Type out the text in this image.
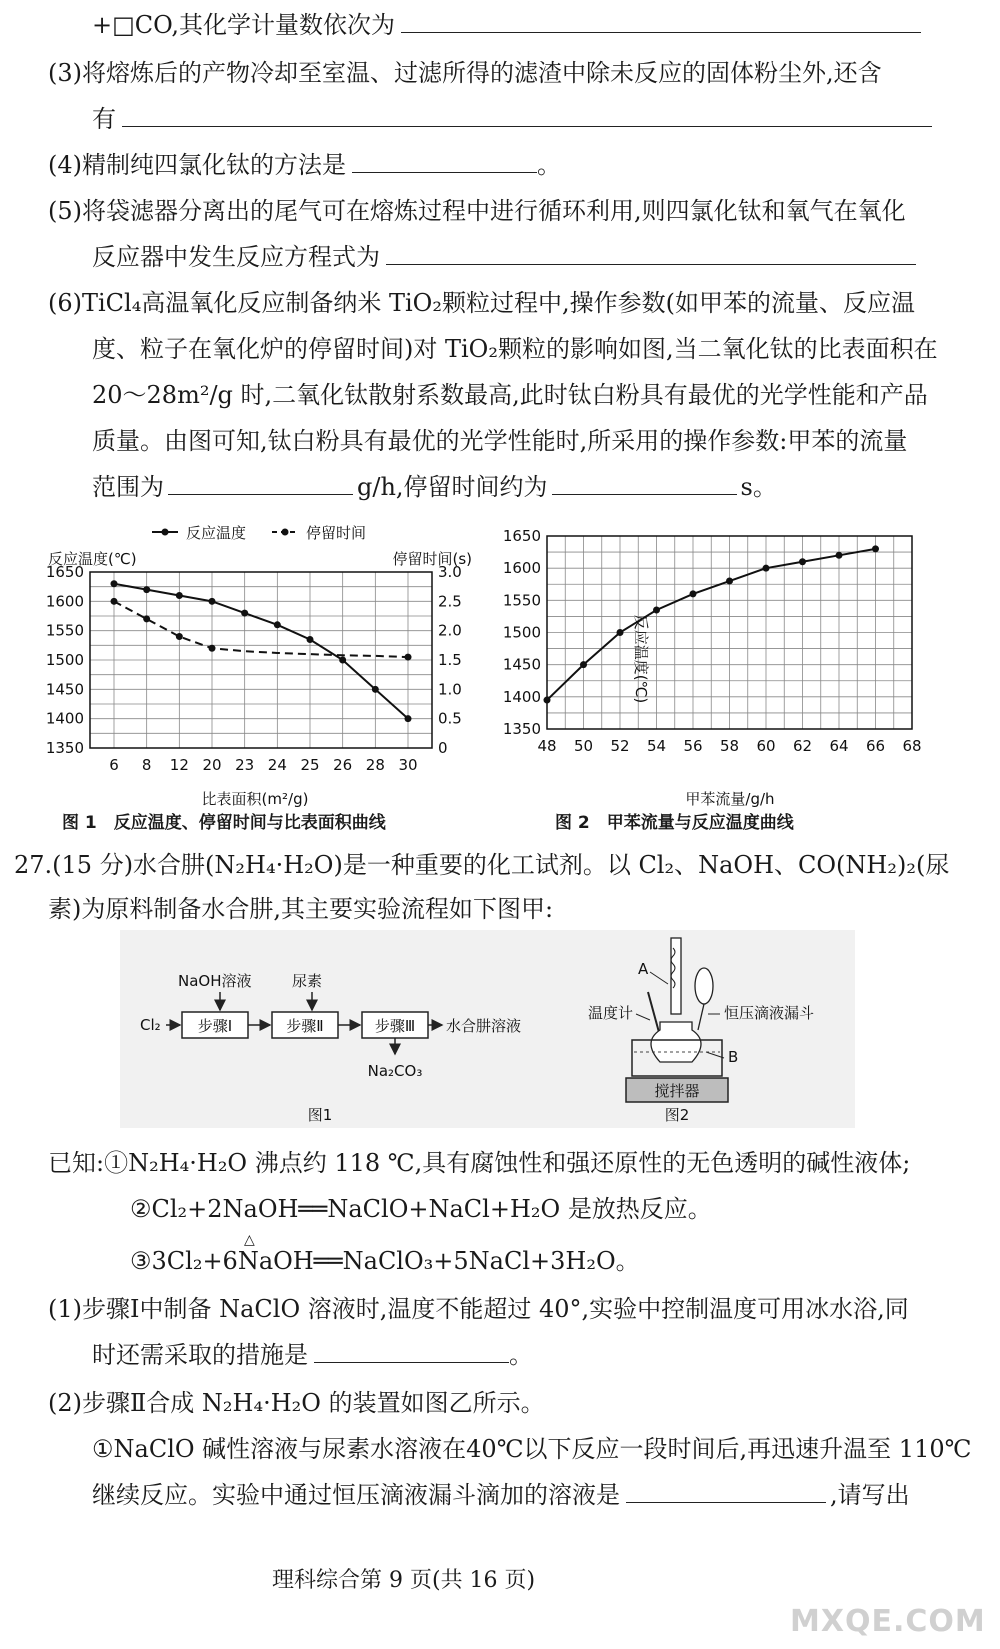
+□CO,其化学计量数依次为
(3)将熔炼后的产物冷却至室温、过滤所得的滤渣中除未反应的固体粉尘外,还含
有
(4)精制纯四氯化钛的方法是	。
(5)将袋滤器分离出的尾气可在熔炼过程中进行循环利用,则四氯化钛和氧气在氧化
反应器中发生反应方程式为
(6)TiCl₄高温氧化反应制备纳米 TiO₂颗粒过程中,操作参数(如甲苯的流量、反应温
度、粒子在氧化炉的停留时间)对 TiO₂颗粒的影响如图,当二氧化钛的比表面积在
20～28m²/g 时,二氧化钛散射系数最高,此时钛白粉具有最优的光学性能和产品
质量。由图可知,钛白粉具有最优的光学性能时,所采用的操作参数:甲苯的流量
范围为	g/h,停留时间约为	s。
反应温度	停留时间
反应温度(℃)	停留时间(s)
1650
1600
1550
1500
1450
1400
1350
3.0
2.5
2.0
1.5
1.0
0.5
0
6 8 12 20 23 24 25 26 28 30
比表面积(m²/g)
1650
1600
1550
1500
1450
1400
1350
48 50 52 54 56 58 60 62 64 66 68
反应温度(℃)
甲苯流量/g/h
图 1　反应温度、停留时间与比表面积曲线	图 2　甲苯流量与反应温度曲线
27.(15 分)水合肼(N₂H₄·H₂O)是一种重要的化工试剂。以 Cl₂、NaOH、CO(NH₂)₂(尿
素)为原料制备水合肼,其主要实验流程如下图甲:
NaOH溶液	尿素
Cl₂ 步骤Ⅰ	步骤Ⅱ	步骤Ⅲ 水合肼溶液
Na₂CO₃
图1
A
温度计	恒压滴液漏斗
B
搅拌器
图2
已知:①N₂H₄·H₂O 沸点约 118 ℃,具有腐蚀性和强还原性的无色透明的碱性液体;
②Cl₂+2NaOH══NaClO+NaCl+H₂O 是放热反应。
△
③3Cl₂+6NaOH══NaClO₃+5NaCl+3H₂O。
(1)步骤Ⅰ中制备 NaClO 溶液时,温度不能超过 40°,实验中控制温度可用冰水浴,同
时还需采取的措施是	。
(2)步骤Ⅱ合成 N₂H₄·H₂O 的装置如图乙所示。
①NaClO 碱性溶液与尿素水溶液在40℃以下反应一段时间后,再迅速升温至 110℃
继续反应。实验中通过恒压滴液漏斗滴加的溶液是	,请写出
理科综合第 9 页(共 16 页)
MXQE.COM
